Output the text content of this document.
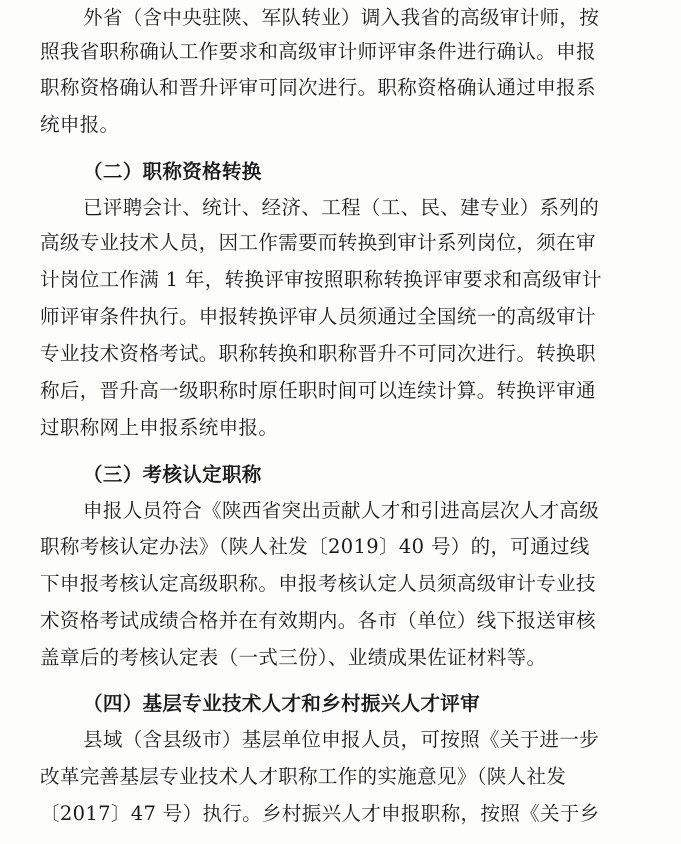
外省（含中央驻陕、军队转业）调入我省的高级审计师，按
照我省职称确认工作要求和高级审计师评审条件进行确认。申报
职称资格确认和晋升评审可同次进行。职称资格确认通过申报系
统申报。
（二）职称资格转换
已评聘会计、统计、经济、工程（工、民、建专业）系列的
高级专业技术人员，因工作需要而转换到审计系列岗位，须在审
计岗位工作满 1 年，转换评审按照职称转换评审要求和高级审计
师评审条件执行。申报转换评审人员须通过全国统一的高级审计
专业技术资格考试。职称转换和职称晋升不可同次进行。转换职
称后，晋升高一级职称时原任职时间可以连续计算。转换评审通
过职称网上申报系统申报。
（三）考核认定职称
申报人员符合《陕西省突出贡献人才和引进高层次人才高级
职称考核认定办法》（陕人社发〔2019〕40 号）的，可通过线
下申报考核认定高级职称。申报考核认定人员须高级审计专业技
术资格考试成绩合格并在有效期内。各市（单位）线下报送审核
盖章后的考核认定表（一式三份）、业绩成果佐证材料等。
（四）基层专业技术人才和乡村振兴人才评审
县域（含县级市）基层单位申报人员，可按照《关于进一步
改革完善基层专业技术人才职称工作的实施意见》（陕人社发
〔2017〕47 号）执行。乡村振兴人才申报职称，按照《关于乡
